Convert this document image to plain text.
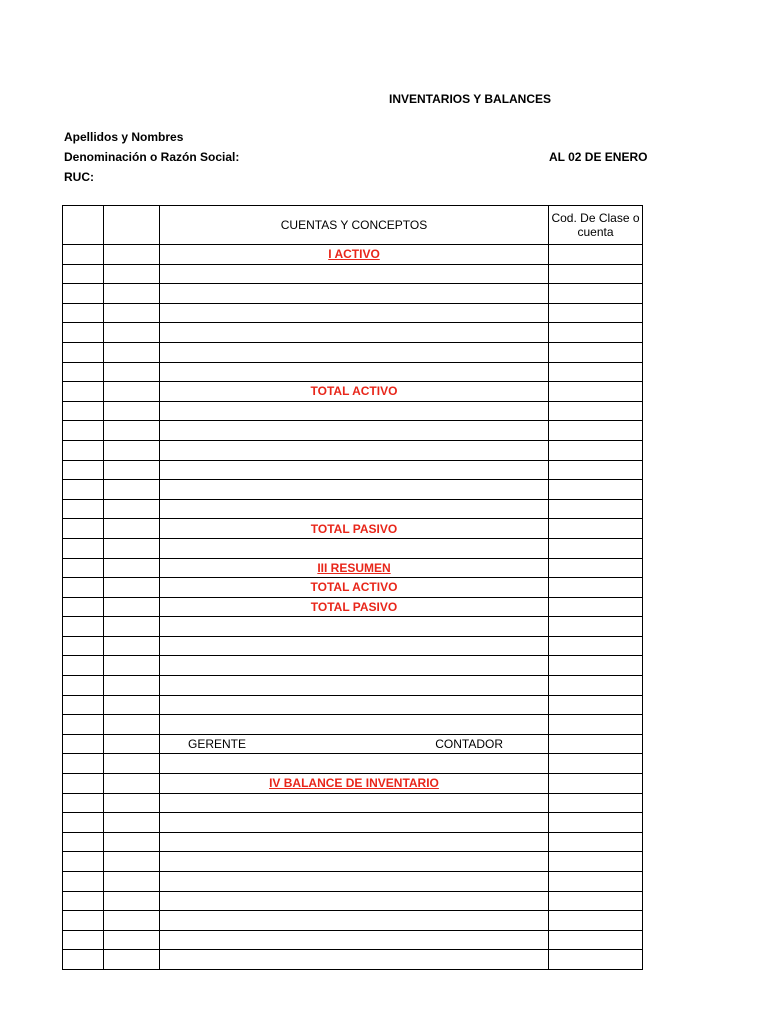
INVENTARIOS Y BALANCES
Apellidos y Nombres
Denominación o Razón Social:
RUC:
AL 02 DE ENERO
		CUENTAS Y CONCEPTOS	Cod. De Clase o cuenta
		I ACTIVO	

		TOTAL ACTIVO	

		TOTAL PASIVO	

		III RESUMEN	
		TOTAL ACTIVO	
		TOTAL PASIVO	

		GERENTE CONTADOR	

		IV BALANCE DE INVENTARIO	
